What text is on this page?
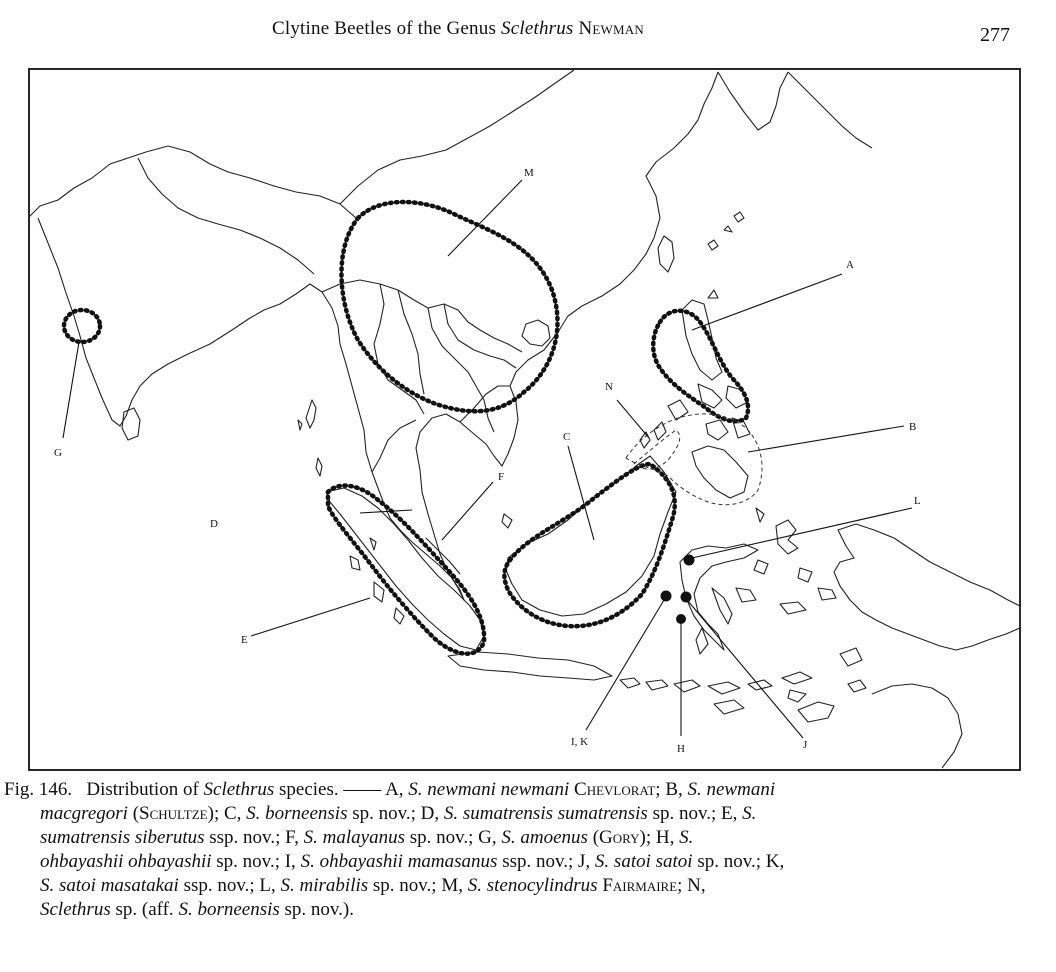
Clytine Beetles of the Genus Sclethrus Newman	277
M
A
B
L
C
N
F
D
E
G
I, K
H	J
Fig. 146. Distribution of Sclethrus species. —— A, S. newmani newmani Chevlorat; B, S. newmani
macgregori (Schultze); C, S. borneensis sp. nov.; D, S. sumatrensis sumatrensis sp. nov.; E, S.
sumatrensis siberutus ssp. nov.; F, S. malayanus sp. nov.; G, S. amoenus (Gory); H, S.
ohbayashii ohbayashii sp. nov.; I, S. ohbayashii mamasanus ssp. nov.; J, S. satoi satoi sp. nov.; K,
S. satoi masatakai ssp. nov.; L, S. mirabilis sp. nov.; M, S. stenocylindrus Fairmaire; N,
Sclethrus sp. (aff. S. borneensis sp. nov.).
